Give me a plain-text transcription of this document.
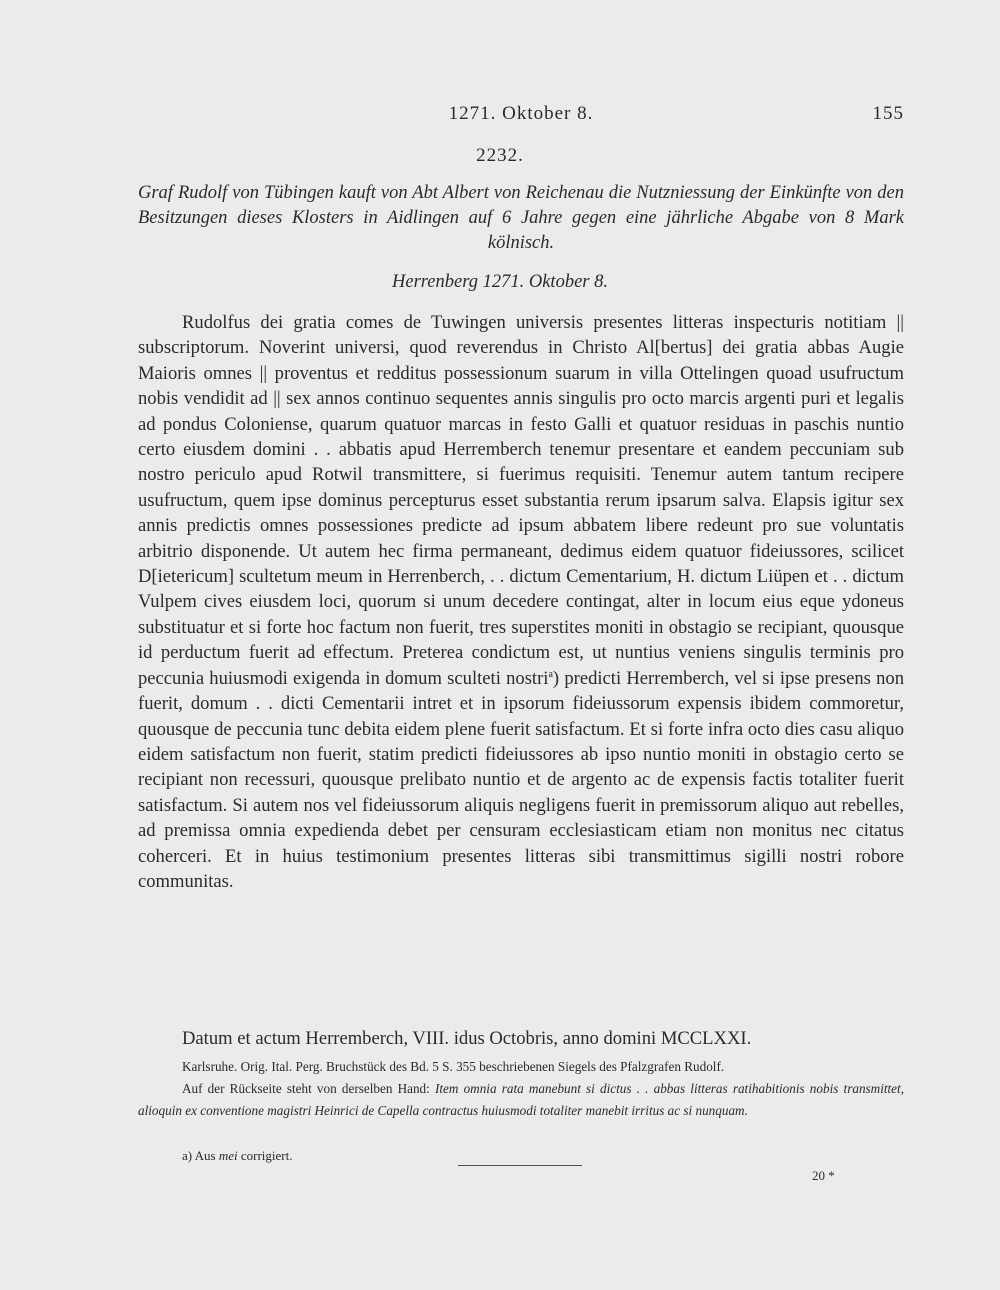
1271. Oktober 8.	155
2232.
Graf Rudolf von Tübingen kauft von Abt Albert von Reichenau die Nutzniessung der Einkünfte von den Besitzungen dieses Klosters in Aidlingen auf 6 Jahre gegen eine jährliche Abgabe von 8 Mark kölnisch.
Herrenberg 1271. Oktober 8.

Rudolfus dei gratia comes de Tuwingen universis presentes litteras inspecturis notitiam || subscriptorum. Noverint universi, quod reverendus in Christo Al[bertus] dei gratia abbas Augie Maioris omnes || proventus et redditus possessionum suarum in villa Ottelingen quoad usufructum nobis vendidit ad || sex annos continuo sequentes annis singulis pro octo marcis argenti puri et legalis ad pondus Coloniense, quarum quatuor marcas in festo Galli et quatuor residuas in paschis nuntio certo eiusdem domini . . abbatis apud Herremberch tenemur presentare et eandem peccuniam sub nostro periculo apud Rotwil transmittere, si fuerimus requisiti. Tenemur autem tantum recipere usufructum, quem ipse dominus percepturus esset substantia rerum ipsarum salva. Elapsis igitur sex annis predictis omnes possessiones predicte ad ipsum abbatem libere redeunt pro sue voluntatis arbitrio disponende. Ut autem hec firma permaneant, dedimus eidem quatuor fideiussores, scilicet D[ietericum] scultetum meum in Herrenberch, . . dictum Cementarium, H. dictum Liüpen et . . dictum Vulpem cives eiusdem loci, quorum si unum decedere contingat, alter in locum eius eque ydoneus substituatur et si forte hoc factum non fuerit, tres superstites moniti in obstagio se recipiant, quousque id perductum fuerit ad effectum. Preterea condictum est, ut nuntius veniens singulis terminis pro peccunia huiusmodi exigenda in domum sculteti nostri$^a$) predicti Herremberch, vel si ipse presens non fuerit, domum . . dicti Cementarii intret et in ipsorum fideiussorum expensis ibidem commoretur, quousque de peccunia tunc debita eidem plene fuerit satisfactum. Et si forte infra octo dies casu aliquo eidem satisfactum non fuerit, statim predicti fideiussores ab ipso nuntio moniti in obstagio certo se recipiant non recessuri, quousque prelibato nuntio et de argento ac de expensis factis totaliter fuerit satisfactum. Si autem nos vel fideiussorum aliquis negligens fuerit in premissorum aliquo aut rebelles, ad premissa omnia expedienda debet per censuram ecclesiasticam etiam non monitus nec citatus coherceri. Et in huius testimonium presentes litteras sibi transmittimus sigilli nostri robore communitas.

Datum et actum Herremberch, VIII. idus Octobris, anno domini MCCLXXI.
Karlsruhe. Orig. Ital. Perg. Bruchstück des Bd. 5 S. 355 beschriebenen Siegels des Pfalzgrafen Rudolf.
Auf der Rückseite steht von derselben Hand: Item omnia rata manebunt si dictus . . abbas litteras ratihabitionis nobis transmittet, alioquin ex conventione magistri Heinrici de Capella contractus huiusmodi totaliter manebit irritus ac si nunquam.
a) Aus mei corrigiert.
20 *
